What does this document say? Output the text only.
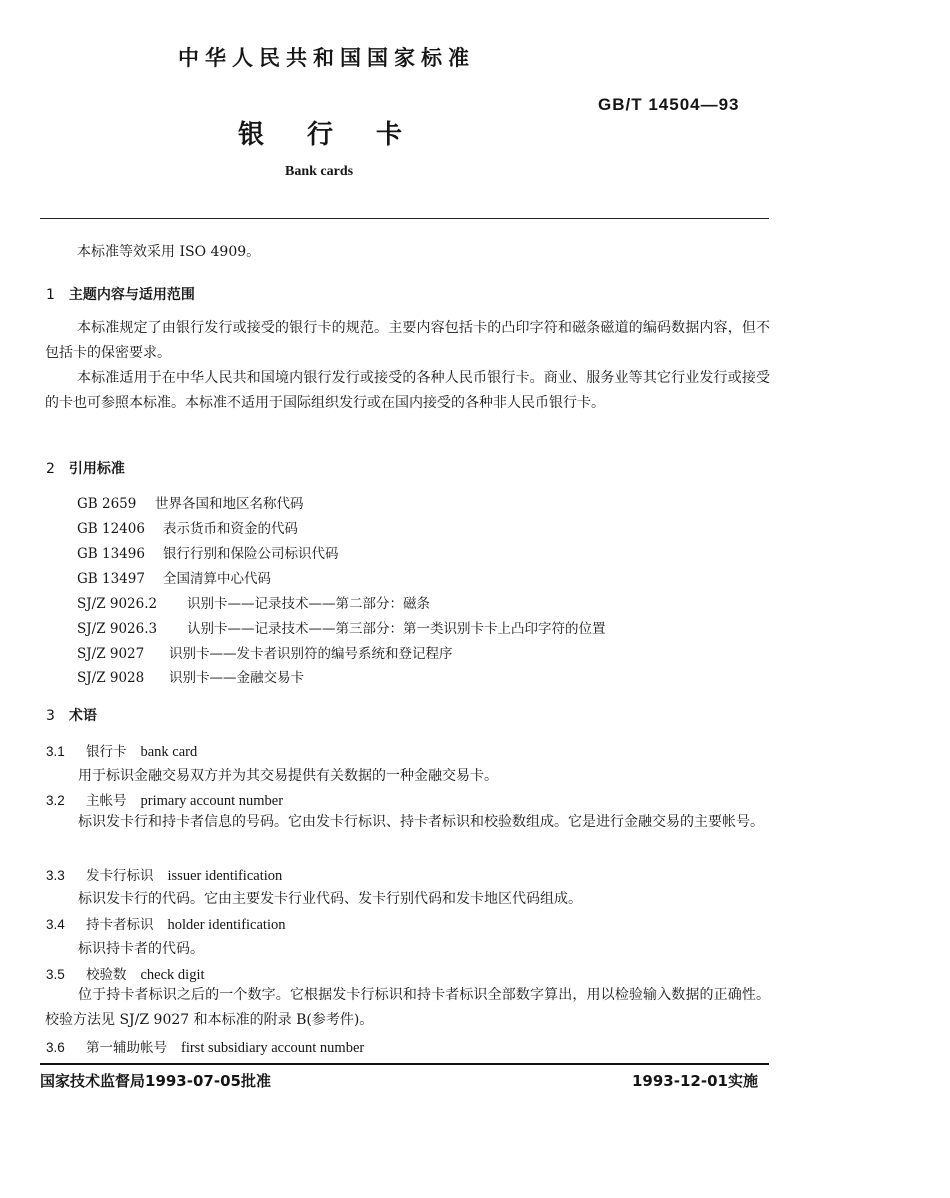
中华人民共和国国家标准
GB/T 14504—93
银行卡
Bank cards
本标准等效采用 ISO 4909。
1 主题内容与适用范围
本标准规定了由银行发行或接受的银行卡的规范。主要内容包括卡的凸印字符和磁条磁道的编码数据内容，但不包括卡的保密要求。
本标准适用于在中华人民共和国境内银行发行或接受的各种人民币银行卡。商业、服务业等其它行业发行或接受的卡也可参照本标准。本标准不适用于国际组织发行或在国内接受的各种非人民币银行卡。
2 引用标准
GB 2659 世界各国和地区名称代码
GB 12406 表示货币和资金的代码
GB 13496 银行行别和保险公司标识代码
GB 13497 全国清算中心代码
SJ/Z 9026.2 识别卡——记录技术——第二部分：磁条
SJ/Z 9026.3 认别卡——记录技术——第三部分：第一类识别卡卡上凸印字符的位置
SJ/Z 9027 识别卡——发卡者识别符的编号系统和登记程序
SJ/Z 9028 识别卡——金融交易卡
3 术语
3.1 银行卡 bank card
用于标识金融交易双方并为其交易提供有关数据的一种金融交易卡。
3.2 主帐号 primary account number
标识发卡行和持卡者信息的号码。它由发卡行标识、持卡者标识和校验数组成。它是进行金融交易的主要帐号。
3.3 发卡行标识 issuer identification
标识发卡行的代码。它由主要发卡行业代码、发卡行别代码和发卡地区代码组成。
3.4 持卡者标识 holder identification
标识持卡者的代码。
3.5 校验数 check digit
位于持卡者标识之后的一个数字。它根据发卡行标识和持卡者标识全部数字算出，用以检验输入数据的正确性。校验方法见 SJ/Z 9027 和本标准的附录 B(参考件)。
3.6 第一辅助帐号 first subsidiary account number
国家技术监督局1993-07-05批准	1993-12-01实施
